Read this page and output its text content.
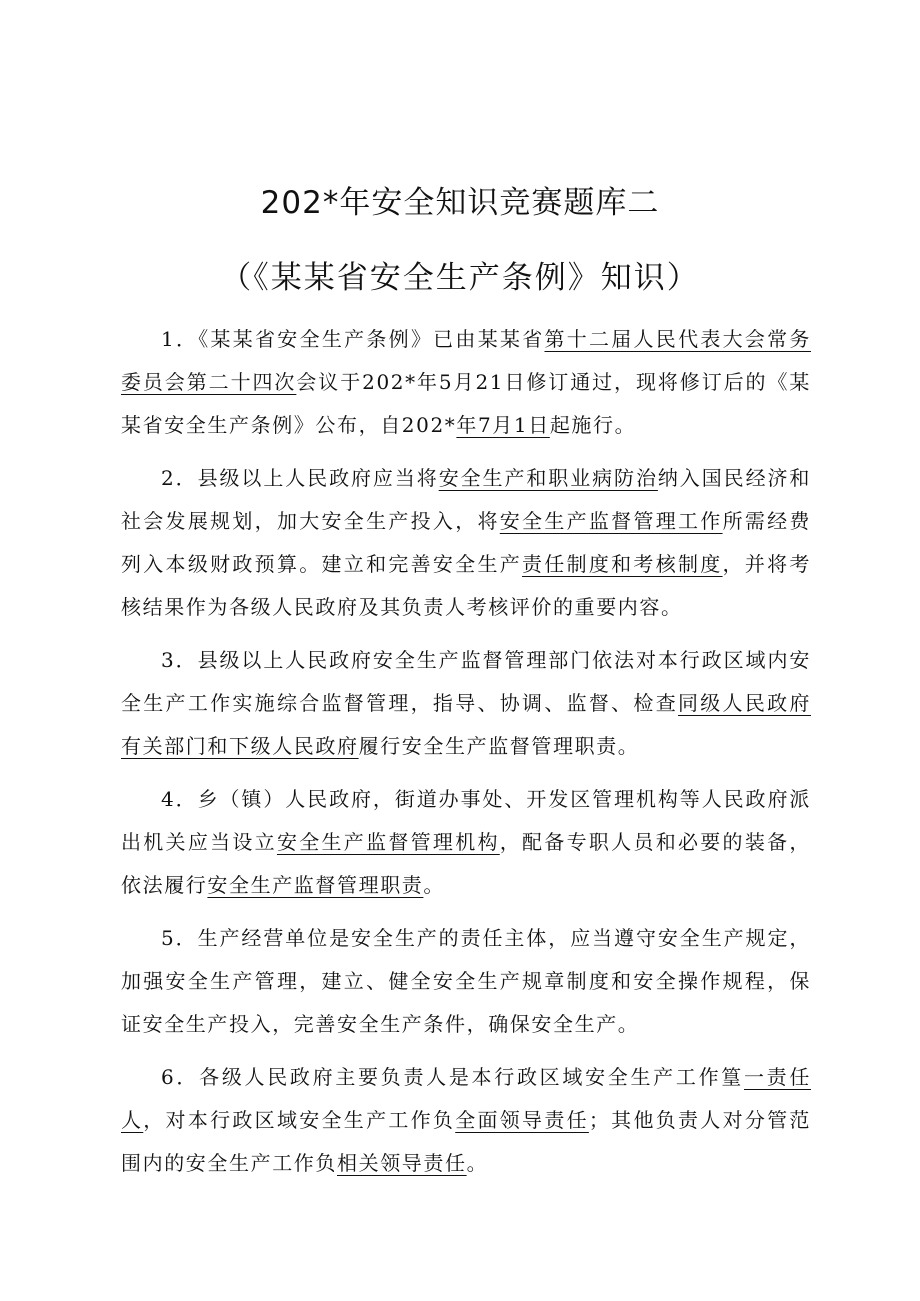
202*年安全知识竞赛题库二
（《某某省安全生产条例》知识）

1．《某某省安全生产条例》已由某某省第十二届人民代表大会常务委员会第二十四次会议于202*年5月21日修订通过，现将修订后的《某某省安全生产条例》公布，自202*年7月1日起施行。

2．县级以上人民政府应当将安全生产和职业病防治纳入国民经济和社会发展规划，加大安全生产投入，将安全生产监督管理工作所需经费列入本级财政预算。建立和完善安全生产责任制度和考核制度，并将考核结果作为各级人民政府及其负责人考核评价的重要内容。

3．县级以上人民政府安全生产监督管理部门依法对本行政区域内安全生产工作实施综合监督管理，指导、协调、监督、检查同级人民政府有关部门和下级人民政府履行安全生产监督管理职责。

4．乡（镇）人民政府，街道办事处、开发区管理机构等人民政府派出机关应当设立安全生产监督管理机构，配备专职人员和必要的装备，依法履行安全生产监督管理职责。

5．生产经营单位是安全生产的责任主体，应当遵守安全生产规定，加强安全生产管理，建立、健全安全生产规章制度和安全操作规程，保证安全生产投入，完善安全生产条件，确保安全生产。

6．各级人民政府主要负责人是本行政区域安全生产工作篁一责任人，对本行政区域安全生产工作负全面领导责任；其他负责人对分管范围内的安全生产工作负相关领导责任。
